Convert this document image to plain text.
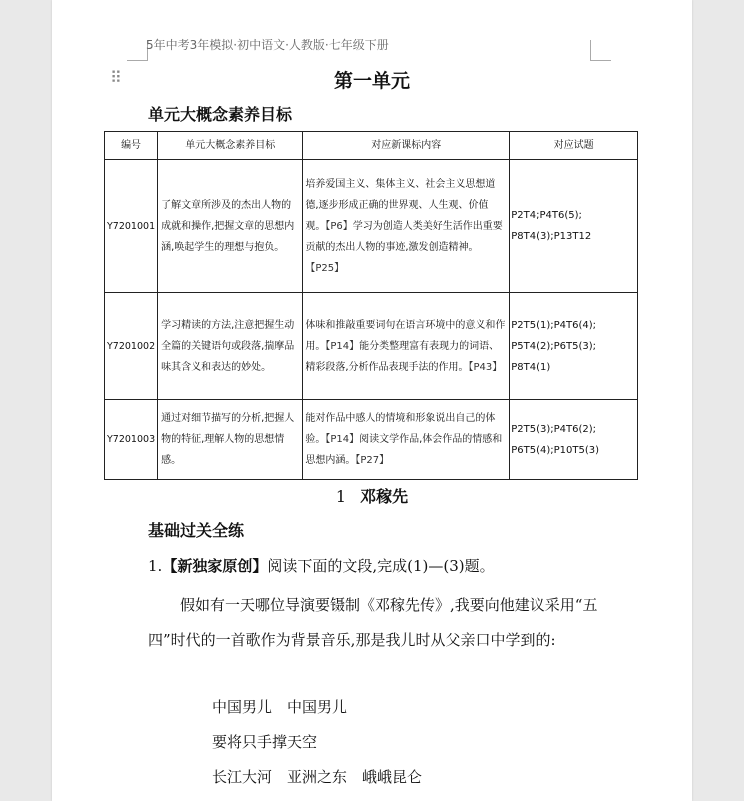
5年中考3年模拟·初中语文·人教版·七年级下册
⠿	第一单元
单元大概念素养目标
编号	单元大概念素养目标	对应新课标内容	对应试题
Y7201001	了解文章所涉及的杰出人物的成就和操作,把握文章的思想内涵,唤起学生的理想与抱负。	培养爱国主义、集体主义、社会主义思想道德,逐步形成正确的世界观、人生观、价值观。【P6】学习为创造人类美好生活作出重要贡献的杰出人物的事迹,激发创造精神。【P25】	P2T4;P4T6(5);
P8T4(3);P13T12

Y7201002	学习精读的方法,注意把握生动全篇的关键语句或段落,揣摩品味其含义和表达的妙处。	体味和推敲重要词句在语言环境中的意义和作用。【P14】能分类整理富有表现力的词语、精彩段落,分析作品表现手法的作用。【P43】	P2T5(1);P4T6(4);
P5T4(2);P6T5(3);
P8T4(1)

Y7201003	通过对细节描写的分析,把握人物的特征,理解人物的思想情感。	能对作品中感人的情境和形象说出自己的体验。【P14】阅读文学作品,体会作品的情感和思想内涵。【P27】	P2T5(3);P4T6(2);
P6T5(4);P10T5(3)
1 邓稼先
基础过关全练
1.【新独家原创】阅读下面的文段,完成(1)—(3)题。
假如有一天哪位导演要镊制《邓稼先传》,我要向他建议采用“五四”时代的一首歌作为背景音乐,那是我儿时从父亲口中学到的:
中国男儿　中国男儿
要将只手撑天空
长江大河　亚洲之东　峨峨昆仑
